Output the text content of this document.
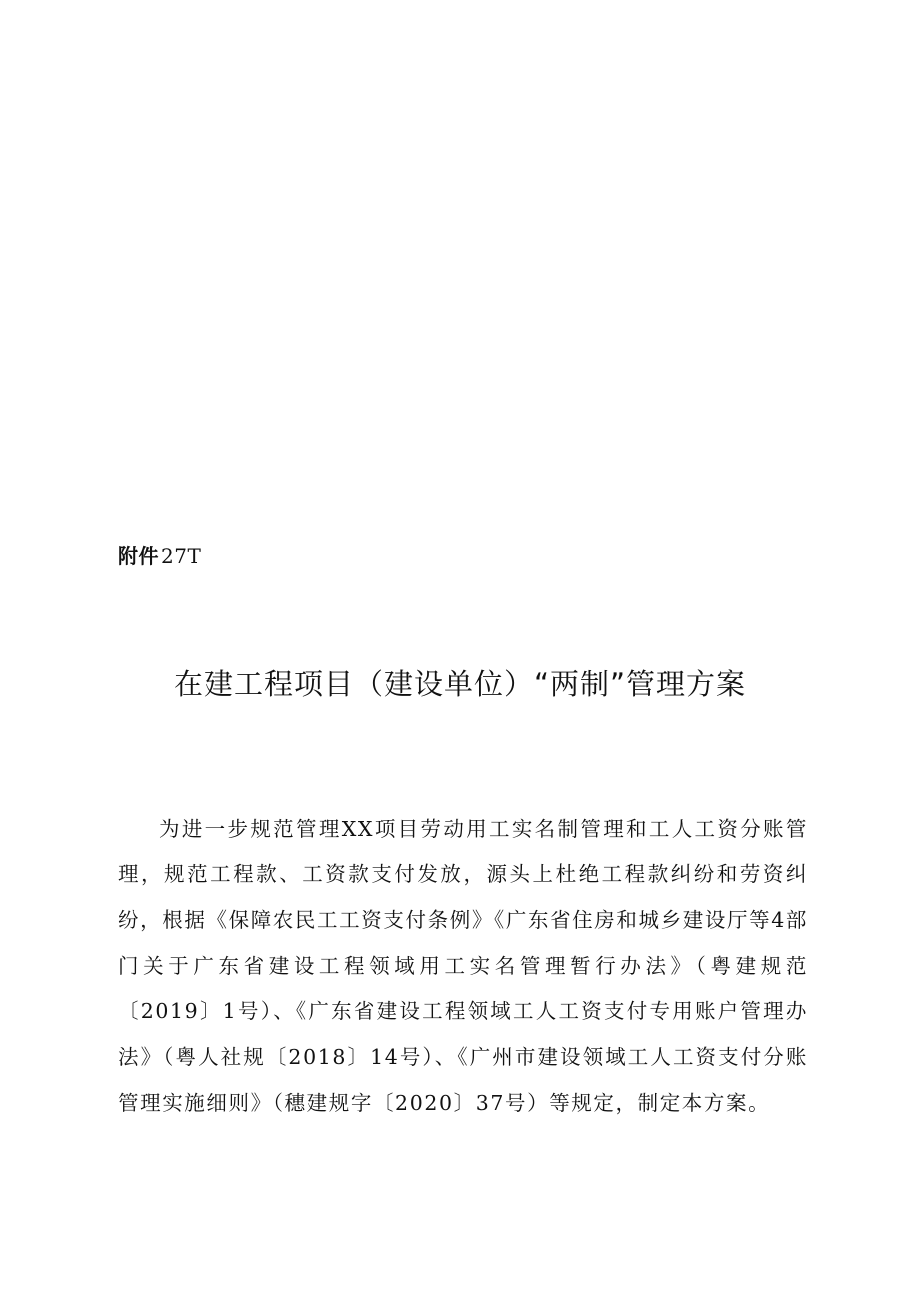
附件 27T
在建工程项目（建设单位）“两制”管理方案

为进一步规范管理XX项目劳动用工实名制管理和工人工资分账管理，规范工程款、工资款支付发放，源头上杜绝工程款纠纷和劳资纠纷，根据《保障农民工工资支付条例》《广东省住房和城乡建设厅等4部门关于广东省建设工程领域用工实名管理暂行办法》（粤建规范〔2019〕1号）、《广东省建设工程领域工人工资支付专用账户管理办法》（粤人社规〔2018〕14号）、《广州市建设领域工人工资支付分账管理实施细则》（穗建规字〔2020〕37号）等规定，制定本方案。
